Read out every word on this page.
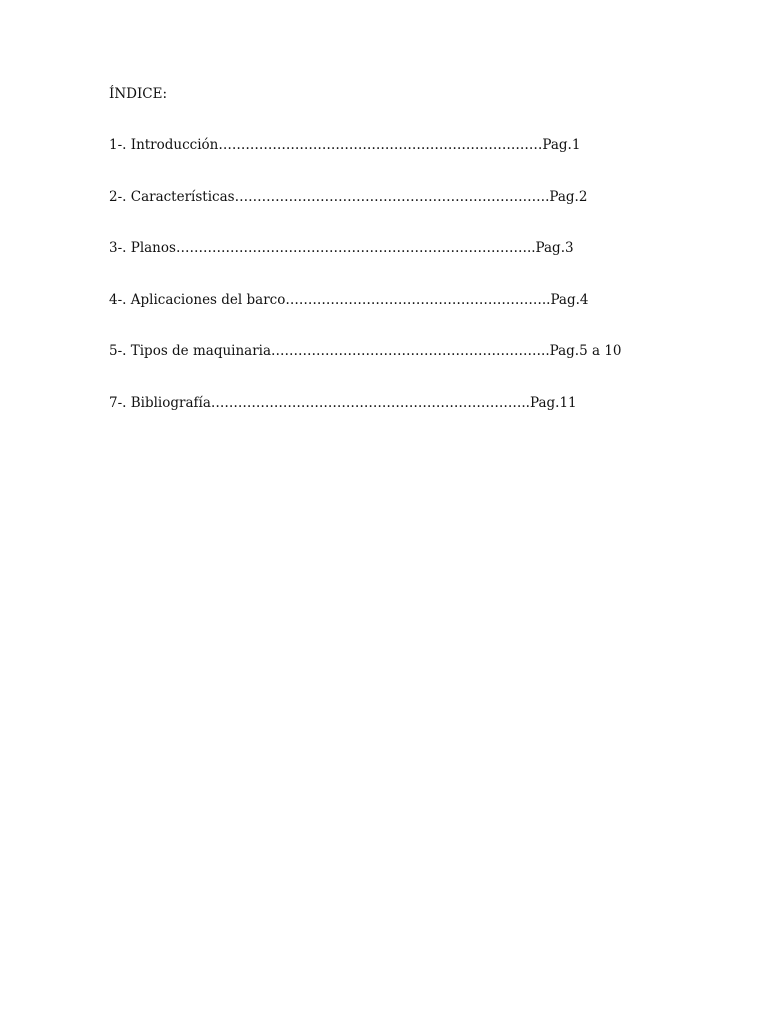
ÍNDICE:
1-. Introducción………………………………………………………………Pag.1
2-. Características…………………………………………………………….Pag.2
3-. Planos……………………………………………………………………..Pag.3
4-. Aplicaciones del barco…………………………………………………..Pag.4
5-. Tipos de maquinaria……………………………………………………..Pag.5 a 10
7-. Bibliografía……………………………………………………………..Pag.11
